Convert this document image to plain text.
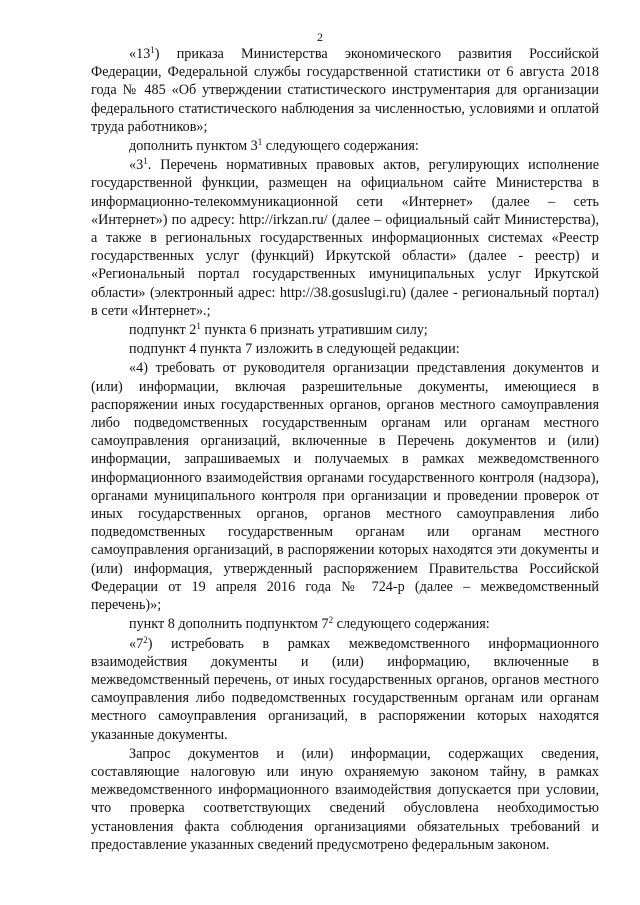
2

«$13^1$) приказа Министерства экономического развития Российской Федерации, Федеральной службы государственной статистики от 6 августа 2018 года № 485 «Об утверждении статистического инструментария для организации федерального статистического наблюдения за численностью, условиями и оплатой труда работников»;

дополнить пунктом $3^1$ следующего содержания:

«$3^1$. Перечень нормативных правовых актов, регулирующих исполнение государственной функции, размещен на официальном сайте Министерства в информационно-телекоммуникационной сети «Интернет» (далее – сеть «Интернет») по адресу: http://irkzan.ru/ (далее – официальный сайт Министерства), а также в региональных государственных информационных системах «Реестр государственных услуг (функций) Иркутской области» (далее - реестр) и «Региональный портал государственных имуниципальных услуг Иркутской области» (электронный адрес: http://38.gosuslugi.ru) (далее - региональный портал) в сети «Интернет».;

подпункт $2^1$ пункта 6 признать утратившим силу;

подпункт 4 пункта 7 изложить в следующей редакции:

«4) требовать от руководителя организации представления документов и (или) информации, включая разрешительные документы, имеющиеся в распоряжении иных государственных органов, органов местного самоуправления либо подведомственных государственным органам или органам местного самоуправления организаций, включенные в Перечень документов и (или) информации, запрашиваемых и получаемых в рамках межведомственного информационного взаимодействия органами государственного контроля (надзора), органами муниципального контроля при организации и проведении проверок от иных государственных органов, органов местного самоуправления либо подведомственных государственным органам или органам местного самоуправления организаций, в распоряжении которых находятся эти документы и (или) информация, утвержденный распоряжением Правительства Российской Федерации от 19 апреля 2016 года № 724-р (далее – межведомственный перечень)»;

пункт 8 дополнить подпунктом $7^2$ следующего содержания:

«$7^2$) истребовать в рамках межведомственного информационного взаимодействия документы и (или) информацию, включенные в межведомственный перечень, от иных государственных органов, органов местного самоуправления либо подведомственных государственным органам или органам местного самоуправления организаций, в распоряжении которых находятся указанные документы.

Запрос документов и (или) информации, содержащих сведения, составляющие налоговую или иную охраняемую законом тайну, в рамках межведомственного информационного взаимодействия допускается при условии, что проверка соответствующих сведений обусловлена необходимостью установления факта соблюдения организациями обязательных требований и предоставление указанных сведений предусмотрено федеральным законом.
